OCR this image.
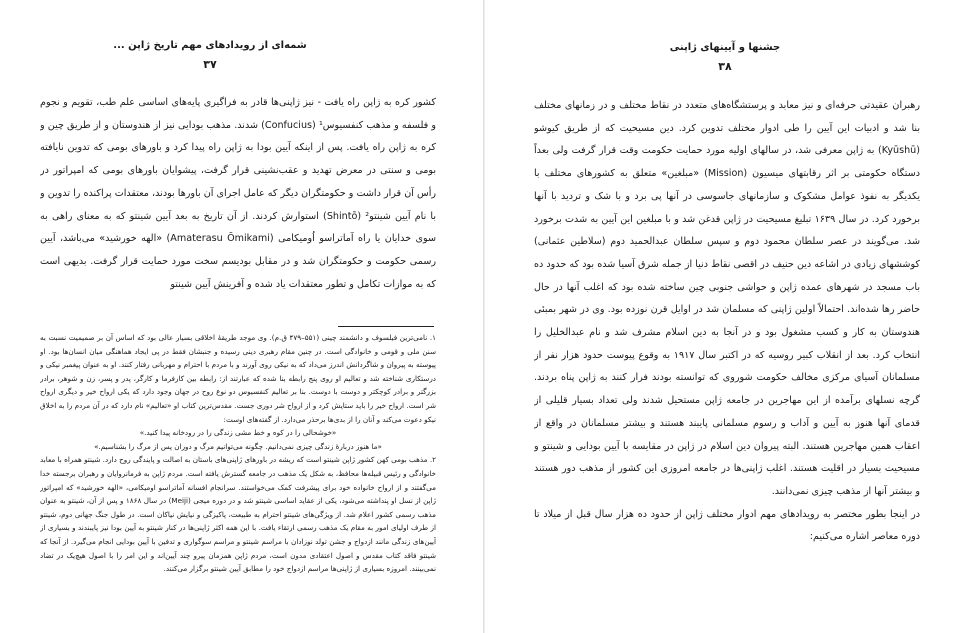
شمه‌ای از رویدادهای مهم تاریخ ژاپن ...
۳۷

کشور کره به ژاپن راه یافت - نیز ژاپنی‌ها قادر به فراگیری پایه‌های اساسی علم طب، تقویم و نجوم و فلسفه و مذهب کنفسیوس¹ (Confucius) شدند. مذهب بودایی نیز از هندوستان و از طریق چین و کره به ژاپن راه یافت. پس از اینکه آیین بودا به ژاپن راه پیدا کرد و باورهای بومی که تدوین نایافته بومی و سنتی در معرض تهدید و عقب‌نشینی قرار گرفت، پیشوایان باورهای بومی که امپراتور در رأس آن قرار داشت و حکومتگران دیگر که عامل اجرای آن باورها بودند، معتقدات پراکنده را تدوین و با نام آیین شینتو² (Shintō) استوارش کردند. از آن تاریخ به بعد آیین شینتو که به معنای راهی به سوی خدایان یا راه آماتراسو اُومیکامی (Amaterasu Ōmikami) «الهه خورشید» می‌باشد، آیین رسمی حکومت و حکومتگران شد و در مقابل بودیسم سخت مورد حمایت قرار گرفت. بدیهی است که به موازات تکامل و تطور معتقدات یاد شده و آفرینش آیین شینتو

۱. نامی‌ترین فیلسوف و دانشمند چینی (۵۵۱–۴۷۹ ق.م). وی موجد طریقهٔ اخلاقی بسیار عالی بود که اساس آن بر صمیمیت نسبت به سنن ملی و قومی و خانوادگی است. در چنین مقام رهبری دینی رسیده و جنبشان فقط در پی ایجاد هماهنگی میان انسان‌ها بود. او پیوسته به پیروان و شاگردانش اندرز می‌داد که به نیکی روی آورند و با مردم با احترام و مهربانی رفتار کنند. او به عنوان پیغمبر نیکی و درستکاری شناخته شد و تعالیم او روی پنج رابطه بنا شده که عبارتند از: رابطه بین کارفرما و کارگر، پدر و پسر، زن و شوهر، برادر بزرگتر و برادر کوچکتر و دوست با دوست. بنا بر تعالیم کنفسیوس دو نوع روح در جهان وجود دارد که یکی ارواح خیر و دیگری ارواح شر است. ارواح خیر را باید ستایش کرد و از ارواح شر دوری جست. مقدس‌ترین کتاب او «تعالیم» نام دارد که در آن مردم را به اخلاق نیکو دعوت می‌کند و آنان را از بدی‌ها برحذر می‌دارد. از گفته‌های اوست:

«خوشحالی را در کوه و خط مشی زندگی را در رودخانه پیدا کنید.»

«ما هنوز دربارهٔ زندگی چیزی نمی‌دانیم. چگونه می‌توانیم مرگ و دوران پس از مرگ را بشناسیم.»

۲. مذهب بومی کهن کشور ژاپن شینتو است که ریشه در باورهای ژاپنی‌های باستان به اصالت و پایندگی روح دارد. شینتو همراه با معابد خانوادگی و رئیس قبیله‌ها محافظ، به شکل یک مذهب در جامعه گسترش یافته است. مردم ژاپن به فرمانروایان و رهبران برجسته خدا می‌گفتند و از ارواح خانواده خود برای پیشرفت کمک می‌خواستند. سرانجام افسانه آماتراسو اومیکامی، «الهه خورشید» که امپراتور ژاپن از نسل او پنداشته می‌شود، یکی از عقاید اساسی شینتو شد و در دوره میجی (Meiji) در سال ۱۸۶۸ و پس از آن، شینتو به عنوان مذهب رسمی کشور اعلام شد. از ویژگی‌های شینتو احترام به طبیعت، پاکیزگی و نیایش نیاکان است. در طول جنگ جهانی دوم، شینتو از طرف اولیای امور به مقام یک مذهب رسمی ارتقاء یافت. با این همه اکثر ژاپنی‌ها در کنار شینتو به آیین بودا نیز پایبندند و بسیاری از آیین‌های زندگی مانند ازدواج و جشن تولد نوزادان با مراسم شینتو و مراسم سوگواری و تدفین با آیین بودایی انجام می‌گیرد. از آنجا که شینتو فاقد کتاب مقدس و اصول اعتقادی مدون است، مردم ژاپن همزمان پیرو چند آیین‌اند و این امر را با اصول هیچ‌یک در تضاد نمی‌بینند. امروزه بسیاری از ژاپنی‌ها مراسم ازدواج خود را مطابق آیین شینتو برگزار می‌کنند.

جشنها و آیینهای ژاپنی
۳۸

رهبران عقیدتی حرفه‌ای و نیز معابد و پرستشگاه‌های متعدد در نقاط مختلف و در زمانهای مختلف بنا شد و ادبیات این آیین را طی ادوار مختلف تدوین کرد. دین مسیحیت که از طریق کیوشو (Kyūshū) به ژاپن معرفی شد، در سالهای اولیه مورد حمایت حکومت وقت قرار گرفت ولی بعداً دستگاه حکومتی بر اثر رقابتهای میسیون (Mission) «مبلغین» متعلق به کشورهای مختلف با یکدیگر به نفوذ عوامل مشکوک و سازمانهای جاسوسی در آنها پی برد و با شک و تردید با آنها برخورد کرد. در سال ۱۶۳۹ تبلیغ مسیحیت در ژاپن قدغن شد و با مبلغین این آیین به شدت برخورد شد. می‌گویند در عصر سلطان محمود دوم و سپس سلطان عبدالحمید دوم (سلاطین عثمانی) کوششهای زیادی در اشاعه دین حنیف در اقصی نقاط دنیا از جمله شرق آسیا شده بود که حدود ده باب مسجد در شهرهای عمده ژاپن و حواشی جنوبی چین ساخته شده بود که اغلب آنها در حال حاضر رها شده‌اند. احتمالاً اولین ژاپنی که مسلمان شد در اوایل قرن نوزده بود. وی در شهر بمبئی هندوستان به کار و کسب مشغول بود و در آنجا به دین اسلام مشرف شد و نام عبدالخلیل را انتخاب کرد. بعد از انقلاب کبیر روسیه که در اکتبر سال ۱۹۱۷ به وقوع پیوست حدود هزار نفر از مسلمانان آسیای مرکزی مخالف حکومت شوروی که توانسته بودند فرار کنند به ژاپن پناه بردند. گرچه نسلهای برآمده از این مهاجرین در جامعه ژاپن مستحیل شدند ولی تعداد بسیار قلیلی از قدمای آنها هنوز به آیین و آداب و رسوم مسلمانی پایبند هستند و بیشتر مسلمانان در واقع از اعقاب همین مهاجرین هستند. البته پیروان دین اسلام در ژاپن در مقایسه با آیین بودایی و شینتو و مسیحیت بسیار در اقلیت هستند. اغلب ژاپنی‌ها در جامعه امروزی این کشور از مذهب دور هستند و بیشتر آنها از مذهب چیزی نمی‌دانند.

در اینجا بطور مختصر به رویدادهای مهم ادوار مختلف ژاپن از حدود ده هزار سال قبل از میلاد تا دوره معاصر اشاره می‌کنیم:
